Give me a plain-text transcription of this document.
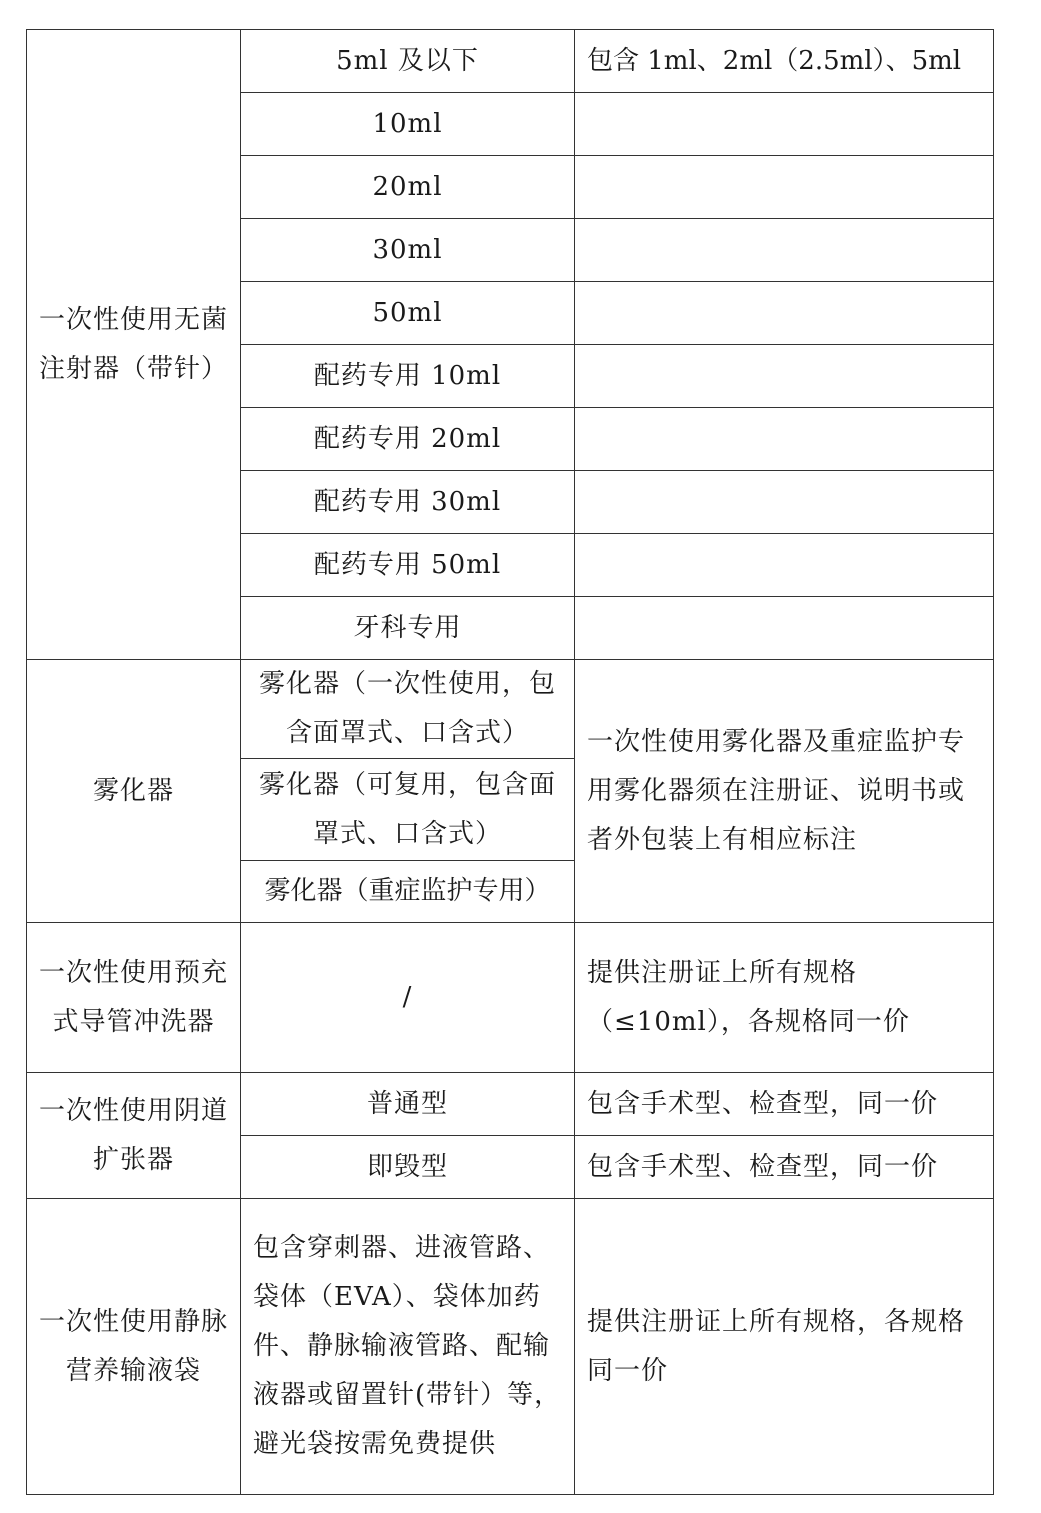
一次性使用无菌注射器（带针）	5ml 及以下	包含 1ml、2ml（2.5ml）、5ml
	10ml	
	20ml	
	30ml	
	50ml	
	配药专用 10ml	
	配药专用 20ml	
	配药专用 30ml	
	配药专用 50ml	
	牙科专用	
雾化器	雾化器（一次性使用，包含面罩式、口含式）	一次性使用雾化器及重症监护专用雾化器须在注册证、说明书或者外包装上有相应标注
	雾化器（可复用，包含面罩式、口含式）	
	雾化器（重症监护专用）	
一次性使用预充式导管冲洗器	/	提供注册证上所有规格（≤10ml），各规格同一价
一次性使用阴道扩张器	普通型	包含手术型、检查型，同一价
	即毁型	包含手术型、检查型，同一价
一次性使用静脉营养输液袋	包含穿刺器、进液管路、袋体（EVA）、袋体加药件、静脉输液管路、配输液器或留置针(带针）等，避光袋按需免费提供	提供注册证上所有规格，各规格同一价
